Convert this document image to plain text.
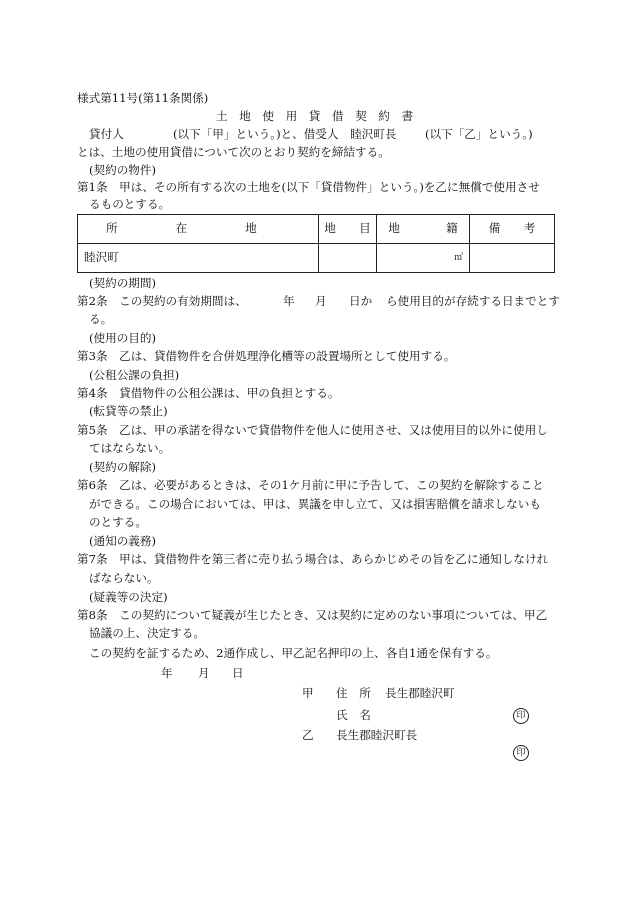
様式第11号(第11条関係)
土　地　使　用　貸　借　契　約　書
貸付人	(以下「甲」という。)と、借受人　睦沢町長 (以下「乙」という。)
とは、土地の使用貸借について次のとおり契約を締結する。
(契約の物件)
第1条　甲は、その所有する次の土地を(以下「貸借物件」という。)を乙に無償で使用させ
るものとする。
所　　　　　在　　　　　地	地　　目	地　　　　籍	備　　考
睦沢町		㎡	
(契約の期間)
第2条　この契約の有効期間は、	年 月 日か ら使用目的が存続する日までとす
る。
(使用の目的)
第3条　乙は、貸借物件を合併処理浄化槽等の設置場所として使用する。
(公租公課の負担)
第4条　貸借物件の公租公課は、甲の負担とする。
(転貸等の禁止)
第5条　乙は、甲の承諾を得ないで貸借物件を他人に使用させ、又は使用目的以外に使用し
てはならない。
(契約の解除)
第6条　乙は、必要があるときは、その1ケ月前に甲に予告して、この契約を解除すること
ができる。この場合においては、甲は、異議を申し立て、又は損害賠償を請求しないも
のとする。
(通知の義務)
第7条　甲は、貸借物件を第三者に売り払う場合は、あらかじめその旨を乙に通知しなけれ
ばならない。
(疑義等の決定)
第8条　この契約について疑義が生じたとき、又は契約に定めのない事項については、甲乙
協議の上、決定する。
この契約を証するため、2通作成し、甲乙記名押印の上、各自1通を保有する。
年 月 日
甲 住　所 長生郡睦沢町
氏　名	印
乙 長生郡睦沢町長
印
